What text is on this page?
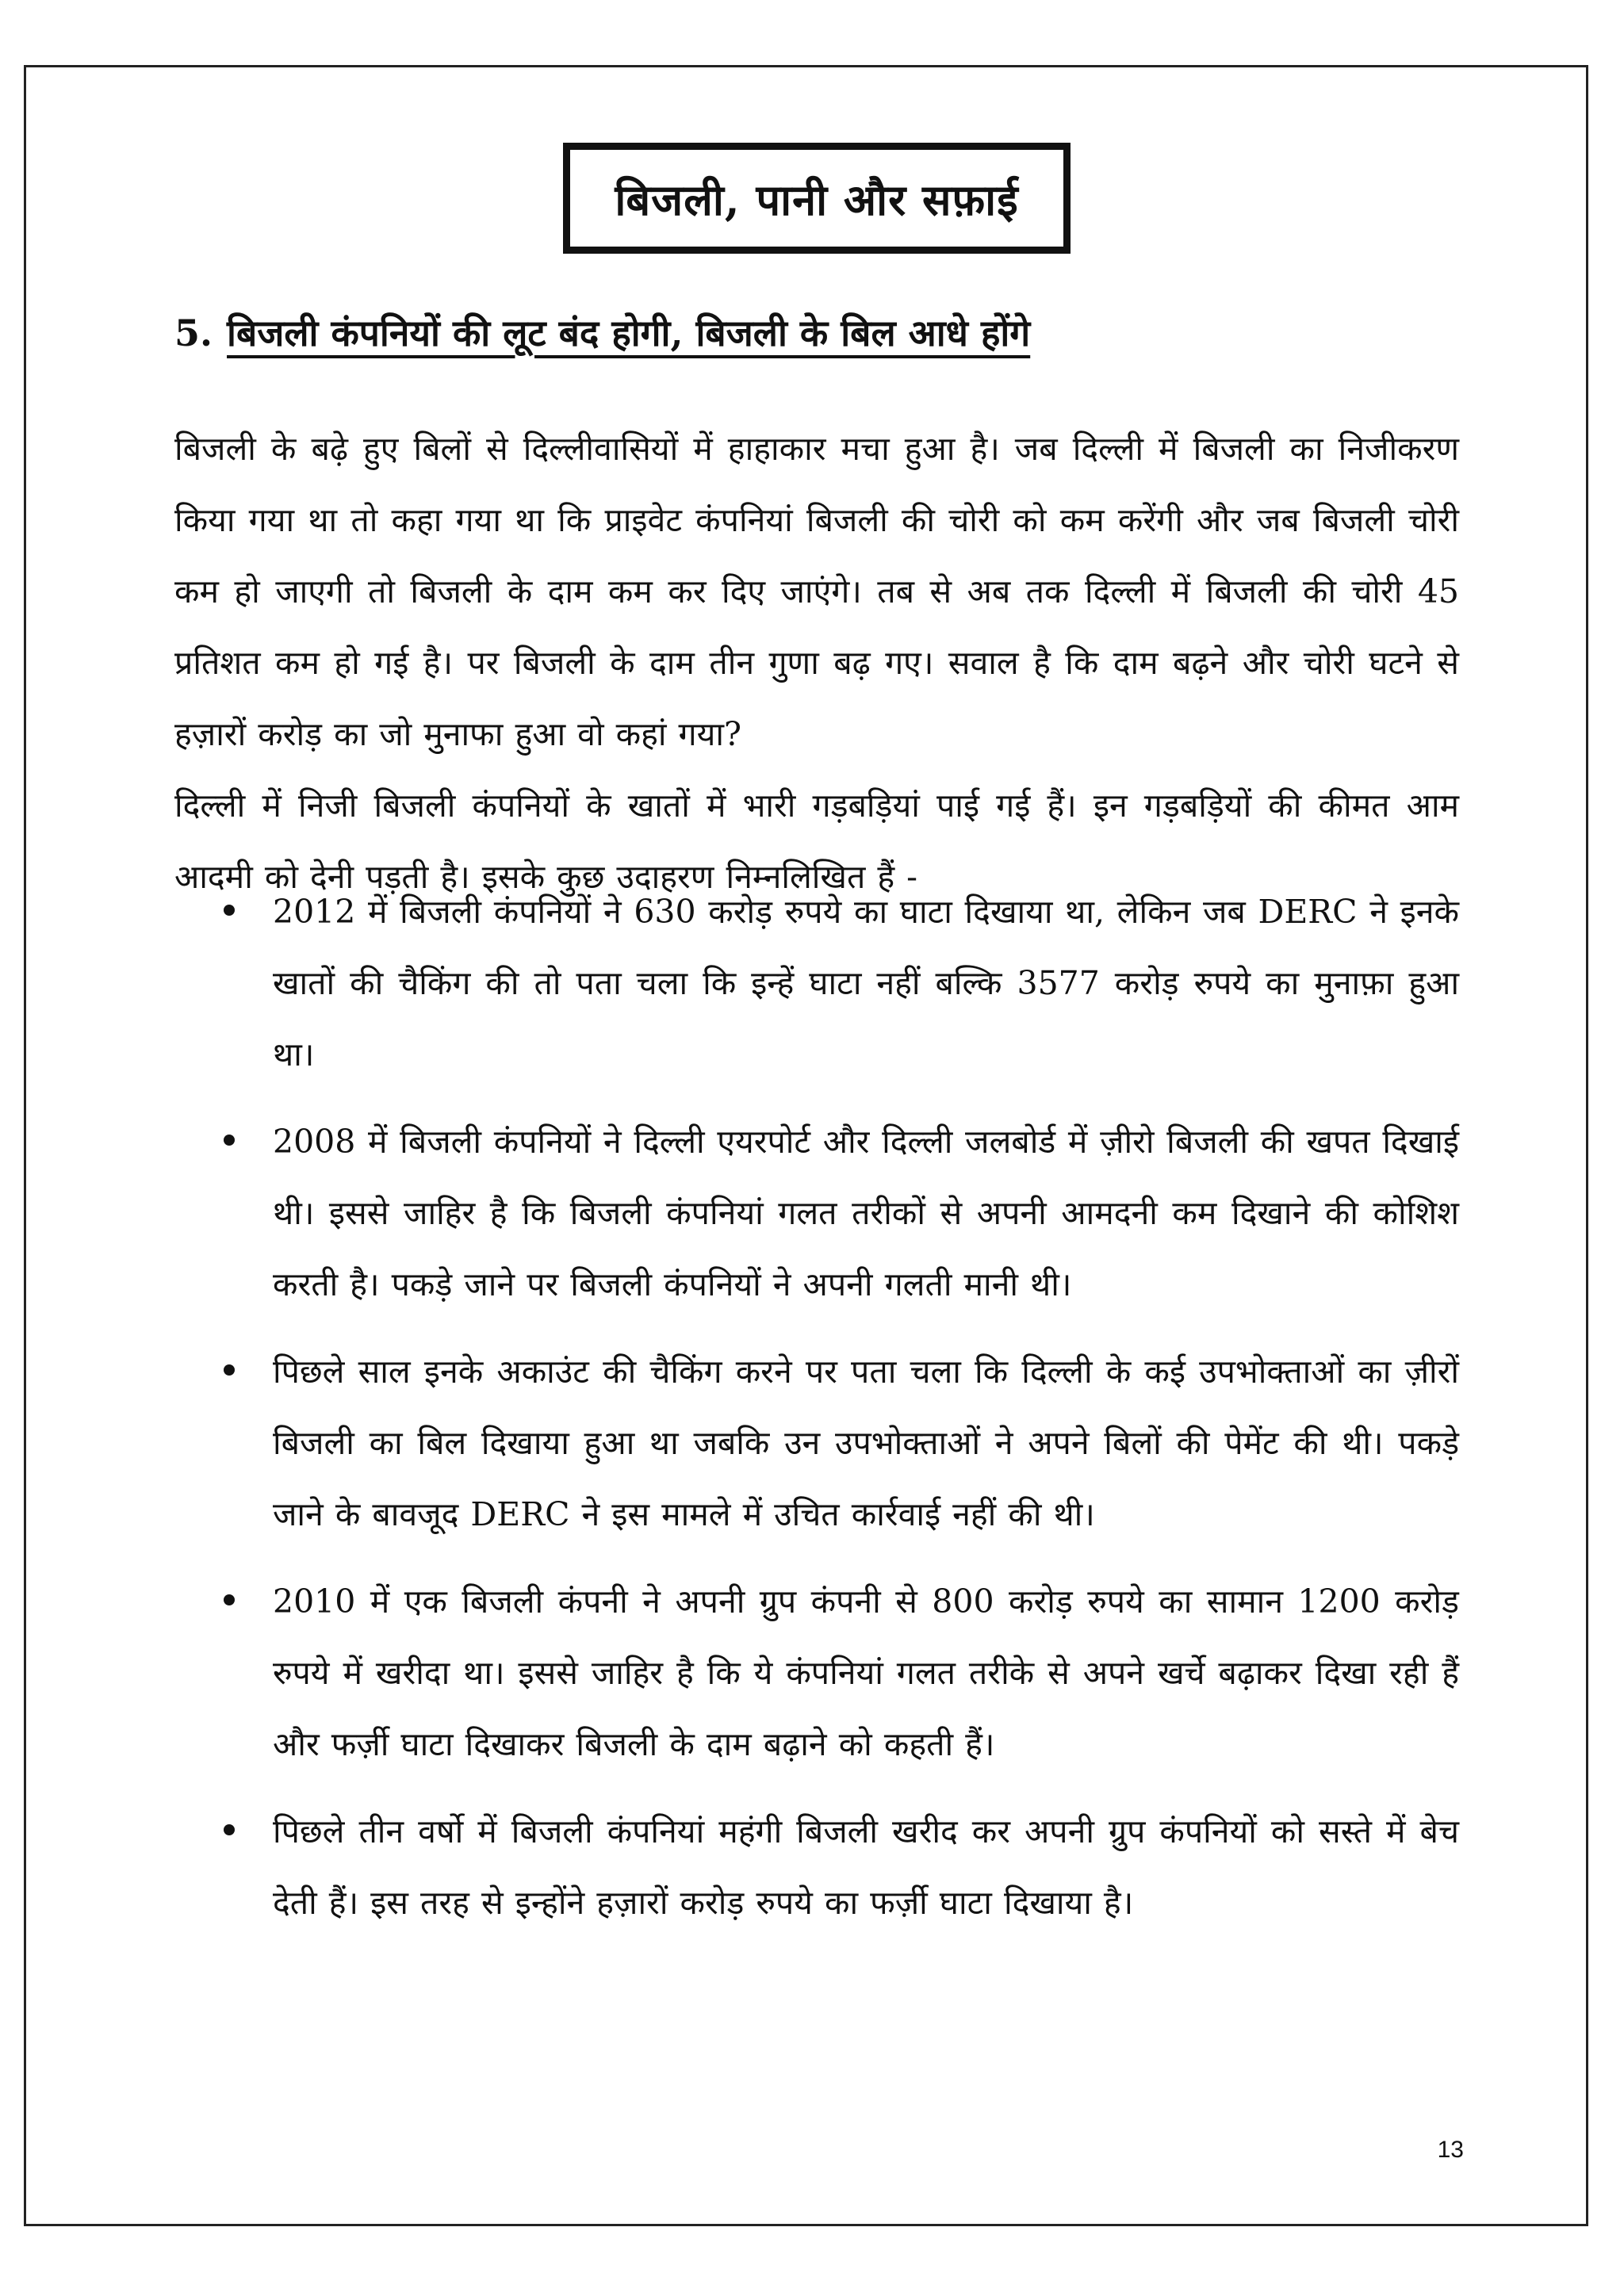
बिजली, पानी और सफ़ाई
5. बिजली कंपनियों की लूट बंद होगी, बिजली के बिल आधे होंगे

बिजली के बढ़े हुए बिलों से दिल्लीवासियों में हाहाकार मचा हुआ है। जब दिल्ली में बिजली का निजीकरण किया गया था तो कहा गया था कि प्राइवेट कंपनियां बिजली की चोरी को कम करेंगी और जब बिजली चोरी कम हो जाएगी तो बिजली के दाम कम कर दिए जाएंगे। तब से अब तक दिल्ली में बिजली की चोरी 45 प्रतिशत कम हो गई है। पर बिजली के दाम तीन गुणा बढ़ गए। सवाल है कि दाम बढ़ने और चोरी घटने से हज़ारों करोड़ का जो मुनाफा हुआ वो कहां गया?

दिल्ली में निजी बिजली कंपनियों के खातों में भारी गड़बड़ियां पाई गई हैं। इन गड़बड़ियों की कीमत आम आदमी को देनी पड़ती है। इसके कुछ उदाहरण निम्नलिखित हैं -

2012 में बिजली कंपनियों ने 630 करोड़ रुपये का घाटा दिखाया था, लेकिन जब DERC ने इनके खातों की चैकिंग की तो पता चला कि इन्हें घाटा नहीं बल्कि 3577 करोड़ रुपये का मुनाफ़ा हुआ था।
2008 में बिजली कंपनियों ने दिल्ली एयरपोर्ट और दिल्ली जलबोर्ड में ज़ीरो बिजली की खपत दिखाई थी। इससे जाहिर है कि बिजली कंपनियां गलत तरीकों से अपनी आमदनी कम दिखाने की कोशिश करती है। पकड़े जाने पर बिजली कंपनियों ने अपनी गलती मानी थी।
पिछले साल इनके अकाउंट की चैकिंग करने पर पता चला कि दिल्ली के कई उपभोक्ताओं का ज़ीरों बिजली का बिल दिखाया हुआ था जबकि उन उपभोक्ताओं ने अपने बिलों की पेमेंट की थी। पकड़े जाने के बावजूद DERC ने इस मामले में उचित कार्रवाई नहीं की थी।
2010 में एक बिजली कंपनी ने अपनी ग्रुप कंपनी से 800 करोड़ रुपये का सामान 1200 करोड़ रुपये में खरीदा था। इससे जाहिर है कि ये कंपनियां गलत तरीके से अपने खर्चे बढ़ाकर दिखा रही हैं और फर्ज़ी घाटा दिखाकर बिजली के दाम बढ़ाने को कहती हैं।
पिछले तीन वर्षो में बिजली कंपनियां महंगी बिजली खरीद कर अपनी ग्रुप कंपनियों को सस्ते में बेच देती हैं। इस तरह से इन्होंने हज़ारों करोड़ रुपये का फर्ज़ी घाटा दिखाया है।
13
